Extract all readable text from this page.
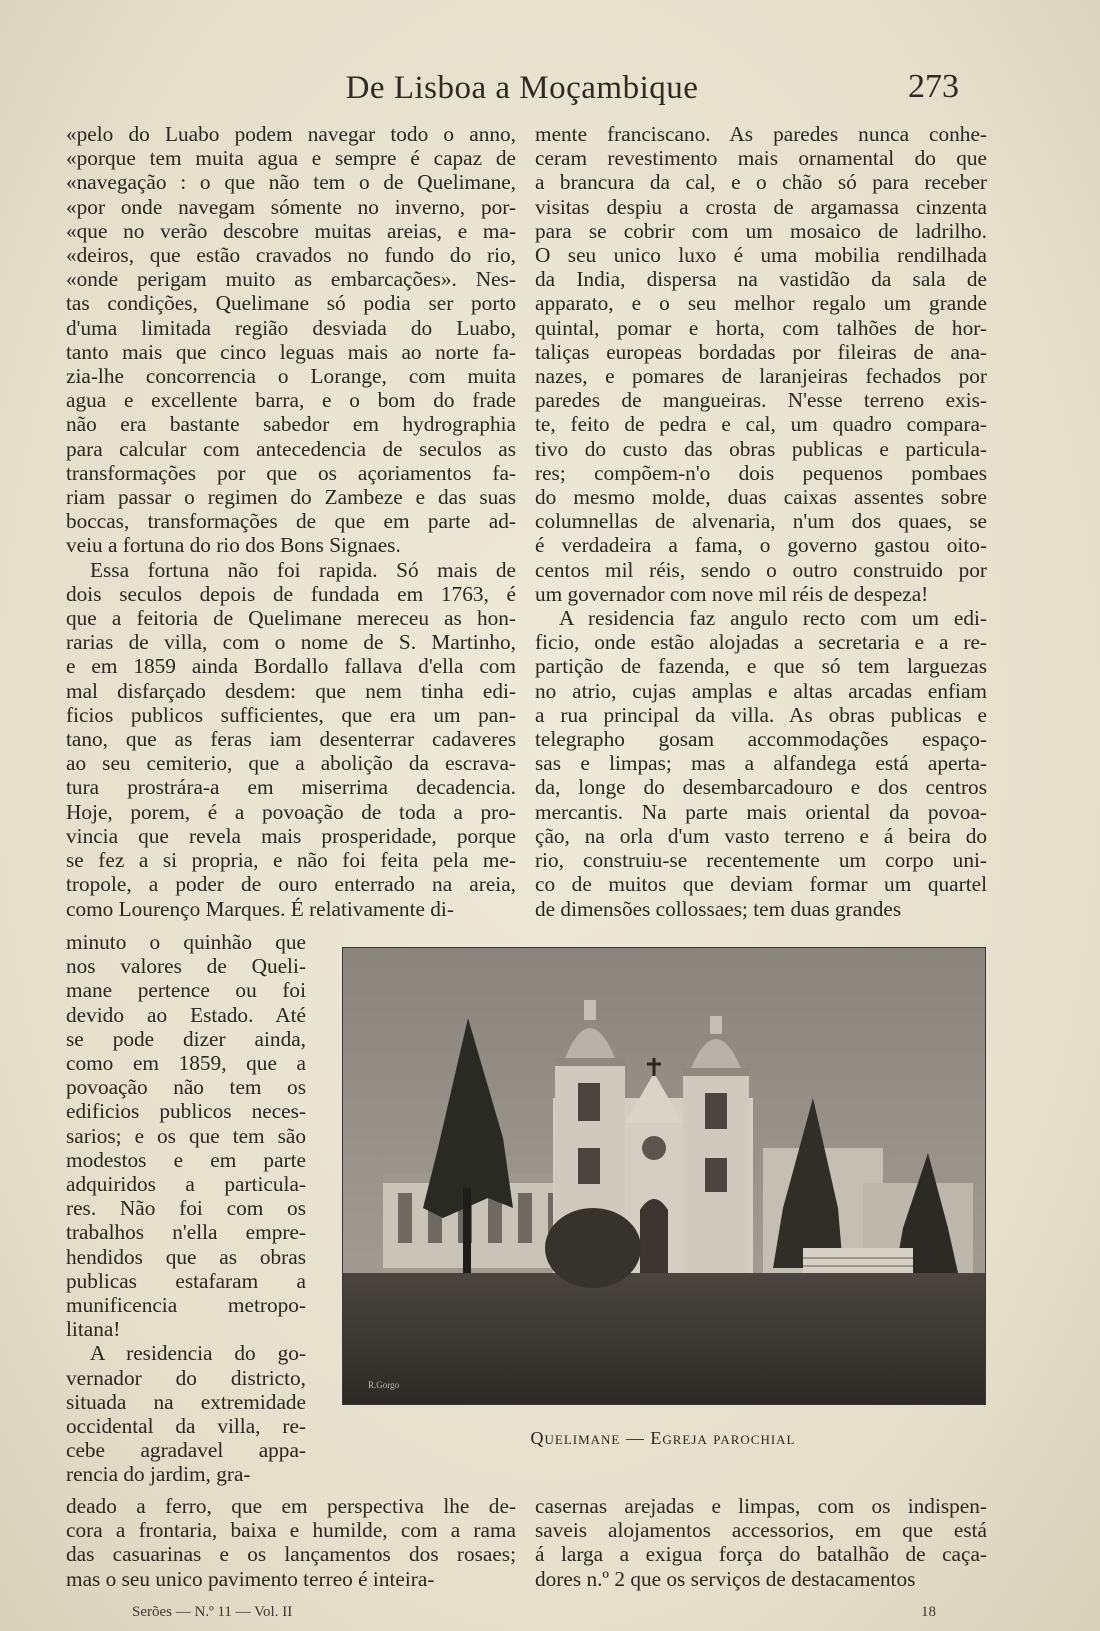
De Lisboa a Moçambique	273

«pelo do Luabo podem navegar todo o anno,

«porque tem muita agua e sempre é capaz de

«navegação : o que não tem o de Quelimane,

«por onde navegam sómente no inverno, por-

«que no verão descobre muitas areias, e ma-

«deiros, que estão cravados no fundo do rio,

«onde perigam muito as embarcações». Nes-

tas condições, Quelimane só podia ser porto

d'uma limitada região desviada do Luabo,

tanto mais que cinco leguas mais ao norte fa-

zia-lhe concorrencia o Lorange, com muita

agua e excellente barra, e o bom do frade

não era bastante sabedor em hydrographia

para calcular com antecedencia de seculos as

transformações por que os açoriamentos fa-

riam passar o regimen do Zambeze e das suas

boccas, transformações de que em parte ad-

veiu a fortuna do rio dos Bons Signaes.

Essa fortuna não foi rapida. Só mais de

dois seculos depois de fundada em 1763, é

que a feitoria de Quelimane mereceu as hon-

rarias de villa, com o nome de S. Martinho,

e em 1859 ainda Bordallo fallava d'ella com

mal disfarçado desdem: que nem tinha edi-

ficios publicos sufficientes, que era um pan-

tano, que as feras iam desenterrar cadaveres

ao seu cemiterio, que a abolição da escrava-

tura prostrára-a em miserrima decadencia.

Hoje, porem, é a povoação de toda a pro-

vincia que revela mais prosperidade, porque

se fez a si propria, e não foi feita pela me-

tropole, a poder de ouro enterrado na areia,

como Lourenço Marques. É relativamente di-

mente franciscano. As paredes nunca conhe-

ceram revestimento mais ornamental do que

a brancura da cal, e o chão só para receber

visitas despiu a crosta de argamassa cinzenta

para se cobrir com um mosaico de ladrilho.

O seu unico luxo é uma mobilia rendilhada

da India, dispersa na vastidão da sala de

apparato, e o seu melhor regalo um grande

quintal, pomar e horta, com talhões de hor-

taliças europeas bordadas por fileiras de ana-

nazes, e pomares de laranjeiras fechados por

paredes de mangueiras. N'esse terreno exis-

te, feito de pedra e cal, um quadro compara-

tivo do custo das obras publicas e particula-

res; compõem-n'o dois pequenos pombaes

do mesmo molde, duas caixas assentes sobre

columnellas de alvenaria, n'um dos quaes, se

é verdadeira a fama, o governo gastou oito-

centos mil réis, sendo o outro construido por

um governador com nove mil réis de despeza!

A residencia faz angulo recto com um edi-

ficio, onde estão alojadas a secretaria e a re-

partição de fazenda, e que só tem larguezas

no atrio, cujas amplas e altas arcadas enfiam

a rua principal da villa. As obras publicas e

telegrapho gosam accommodações espaço-

sas e limpas; mas a alfandega está aperta-

da, longe do desembarcadouro e dos centros

mercantis. Na parte mais oriental da povoa-

ção, na orla d'um vasto terreno e á beira do

rio, construiu-se recentemente um corpo uni-

co de muitos que deviam formar um quartel

de dimensões collossaes; tem duas grandes

minuto o quinhão que

nos valores de Queli-

mane pertence ou foi

devido ao Estado. Até

se pode dizer ainda,

como em 1859, que a

povoação não tem os

edificios publicos neces-

sarios; e os que tem são

modestos e em parte

adquiridos a particula-

res. Não foi com os

trabalhos n'ella empre-

hendidos que as obras

publicas estafaram a

munificencia metropo-

litana!

A residencia do go-

vernador do districto,

situada na extremidade

occidental da villa, re-

cebe agradavel appa-

rencia do jardim, gra-

deado a ferro, que em perspectiva lhe de-

cora a frontaria, baixa e humilde, com a rama

das casuarinas e os lançamentos dos rosaes;

mas o seu unico pavimento terreo é inteira-

casernas arejadas e limpas, com os indispen-

saveis alojamentos accessorios, em que está

á larga a exigua força do batalhão de caça-

dores n.º 2 que os serviços de destacamentos

R.Gorgo
Quelimane — Egreja parochial
Serões — N.º 11 — Vol. II	18
